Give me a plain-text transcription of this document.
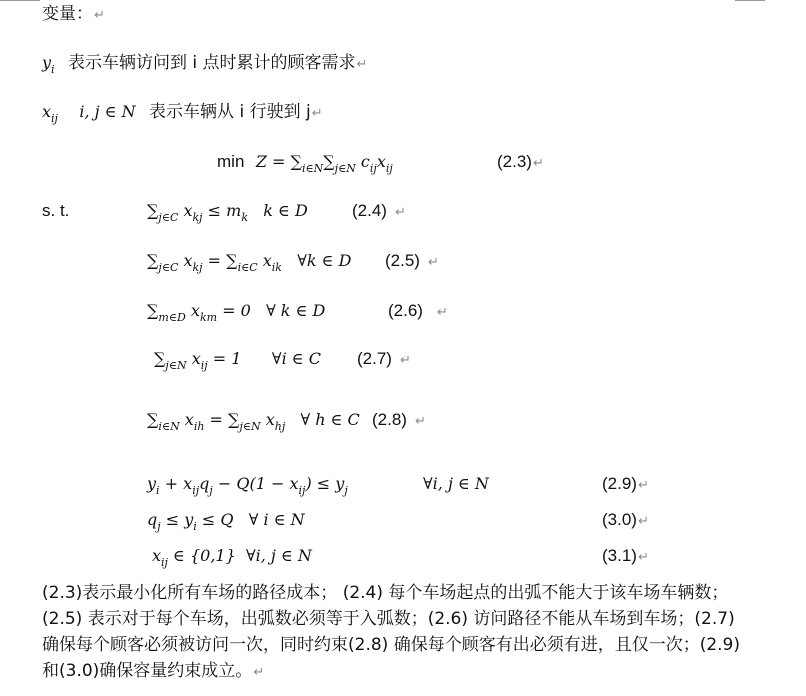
变量：↵
$y_i$ 表示车辆访问到 i 点时累计的顾客需求↵
$x_{ij}$ i, j ∈ N 表示车辆从 i 行驶到 j↵
$\min Z = \sum_{i\in N}\sum_{j\in N}$ $c_{ij}x_{ij}$	(2.3)↵
s. t.	$\sum_{j\in C}$ $x_{kj} \le m_k$   k ∈ D	(2.4) ↵
$\sum_{j\in C}$ $x_{kj} = \sum_{i\in C}$ $x_{ik}$   ∀k ∈ D (2.5) ↵
$\sum_{m\in D}$ $x_{km} = 0$   ∀ k ∈ D	(2.6) ↵
$\sum_{j\in N}$ $x_{ij} = 1$      ∀i ∈ C (2.7) ↵
$\sum_{i\in N}$ $x_{ih} = \sum_{j\in N}$ $x_{hj}$   ∀ h ∈ C (2.8) ↵
$y_i + x_{ij}q_j - Q(1 - x_{ij}) \le y_j$	∀i, j ∈ N	(2.9)↵
$q_j \le y_i \le Q$   ∀ i ∈ N	(3.0)↵
$x_{ij}$ ∈ {0,1}  ∀i, j ∈ N	(3.1)↵
(2.3)表示最小化所有车场的路径成本； (2.4) 每个车场起点的出弧不能大于该车场车辆数；
(2.5) 表示对于每个车场，出弧数必须等于入弧数；(2.6) 访问路径不能从车场到车场；(2.7)
确保每个顾客必须被访问一次，同时约束(2.8) 确保每个顾客有出必须有进，且仅一次；(2.9)
和(3.0)确保容量约束成立。↵
